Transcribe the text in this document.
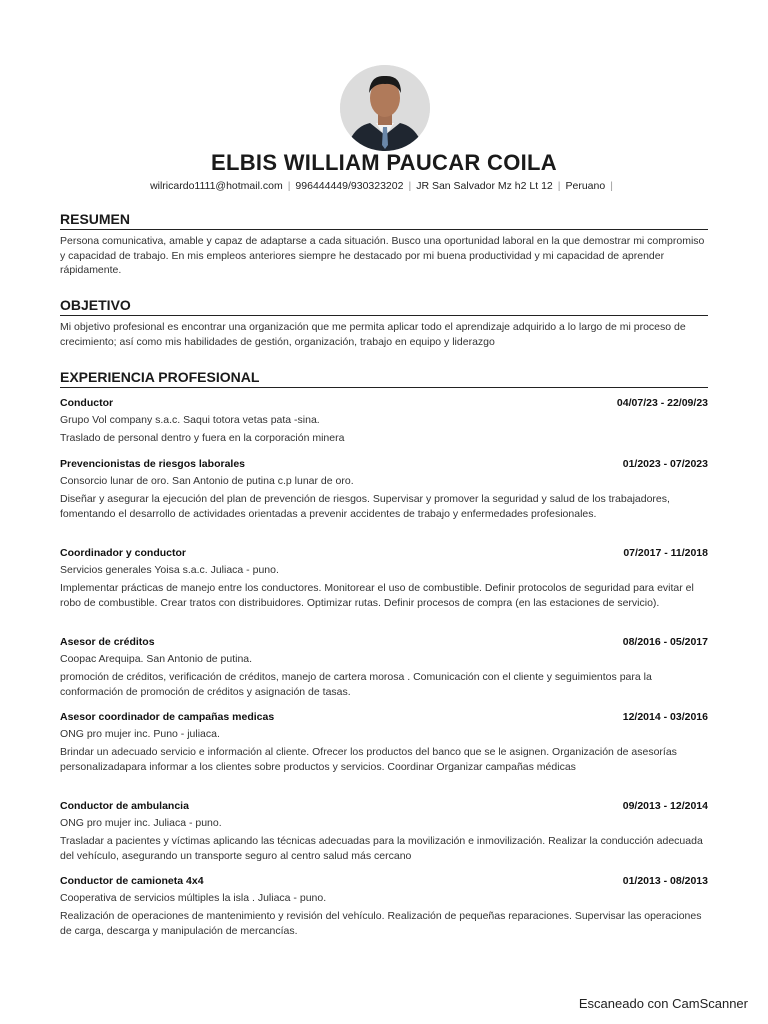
ELBIS WILLIAM PAUCAR COILA
wilricardo1111@hotmail.com | 996444449/930323202 | JR San Salvador Mz h2 Lt 12 | Peruano |
RESUMEN

Persona comunicativa, amable y capaz de adaptarse a cada situación. Busco una oportunidad laboral en la que demostrar mi compromiso y capacidad de trabajo. En mis empleos anteriores siempre he destacado por mi buena productividad y mi capacidad de aprender rápidamente.

OBJETIVO

Mi objetivo profesional es encontrar una organización que me permita aplicar todo el aprendizaje adquirido a lo largo de mi proceso de crecimiento; así como mis habilidades de gestión, organización, trabajo en equipo y liderazgo

EXPERIENCIA PROFESIONAL
Conductor	04/07/23 - 22/09/23
Grupo Vol company s.a.c. Saqui totora vetas pata -sina.
Traslado de personal dentro y fuera en la corporación minera
Prevencionistas de riesgos laborales	01/2023 - 07/2023
Consorcio lunar de oro. San Antonio de putina c.p lunar de oro.
Diseñar y asegurar la ejecución del plan de prevención de riesgos. Supervisar y promover la seguridad y salud de los trabajadores, fomentando el desarrollo de actividades orientadas a prevenir accidentes de trabajo y enfermedades profesionales.
Coordinador y conductor	07/2017 - 11/2018
Servicios generales Yoisa s.a.c. Juliaca - puno.
Implementar prácticas de manejo entre los conductores. Monitorear el uso de combustible. Definir protocolos de seguridad para evitar el robo de combustible. Crear tratos con distribuidores. Optimizar rutas. Definir procesos de compra (en las estaciones de servicio).
Asesor de créditos	08/2016 - 05/2017
Coopac Arequipa. San Antonio de putina.
promoción de créditos, verificación de créditos, manejo de cartera morosa . Comunicación con el cliente y seguimientos para la conformación de promoción de créditos y asignación de tasas.
Asesor coordinador de campañas medicas	12/2014 - 03/2016
ONG pro mujer inc. Puno - juliaca.
Brindar un adecuado servicio e información al cliente. Ofrecer los productos del banco que se le asignen. Organización de asesorías personalizadapara informar a los clientes sobre productos y servicios. Coordinar Organizar campañas médicas
Conductor de ambulancia	09/2013 - 12/2014
ONG pro mujer inc. Juliaca - puno.
Trasladar a pacientes y víctimas aplicando las técnicas adecuadas para la movilización e inmovilización. Realizar la conducción adecuada del vehículo, asegurando un transporte seguro al centro salud más cercano
Conductor de camioneta 4x4	01/2013 - 08/2013
Cooperativa de servicios múltiples la isla . Juliaca - puno.
Realización de operaciones de mantenimiento y revisión del vehículo. Realización de pequeñas reparaciones. Supervisar las operaciones de carga, descarga y manipulación de mercancías.
Escaneado con CamScanner
